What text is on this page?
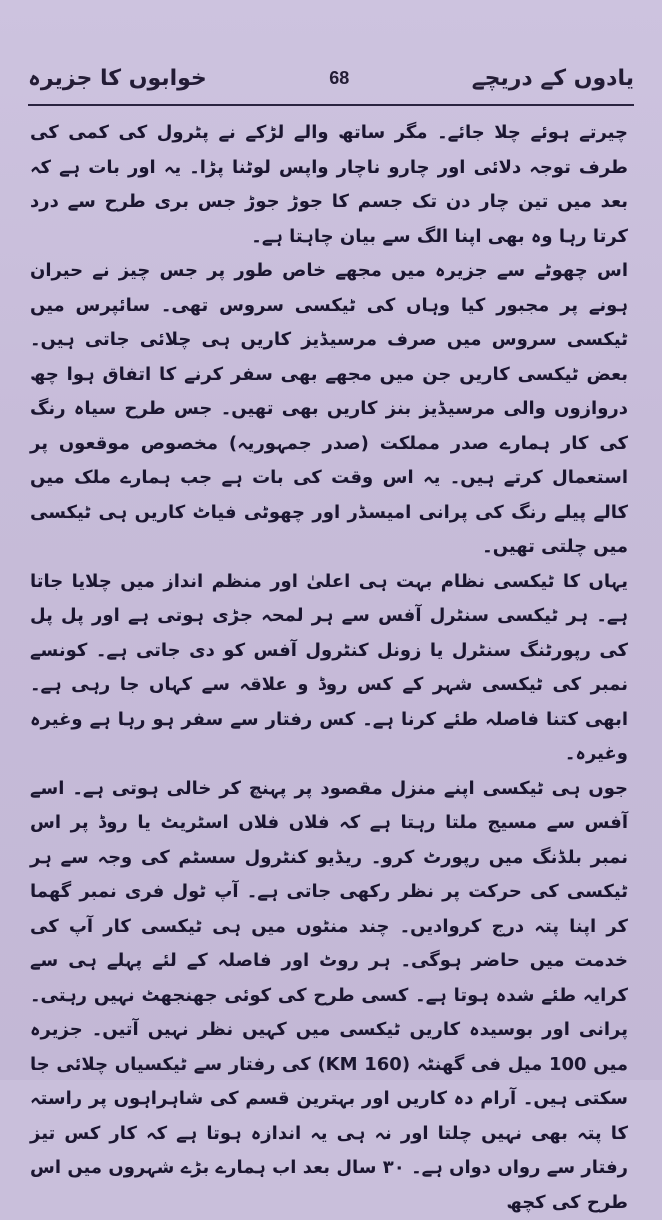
خوابوں کا جزیرہ	68	یادوں کے دریچے

چیرتے ہوئے چلا جائے۔ مگر ساتھ والے لڑکے نے پٹرول کی کمی کی طرف توجہ دلائی اور چارو ناچار واپس لوٹنا پڑا۔ یہ اور بات ہے کہ بعد میں تین چار دن تک جسم کا جوڑ جوڑ جس بری طرح سے درد کرتا رہا وہ بھی اپنا الگ سے بیان چاہتا ہے۔

اس چھوٹے سے جزیرہ میں مجھے خاص طور پر جس چیز نے حیران ہونے پر مجبور کیا وہاں کی ٹیکسی سروس تھی۔ سائپرس میں ٹیکسی سروس میں صرف مرسیڈیز کاریں ہی چلائی جاتی ہیں۔ بعض ٹیکسی کاریں جن میں مجھے بھی سفر کرنے کا اتفاق ہوا چھ دروازوں والی مرسیڈیز بنز کاریں بھی تھیں۔ جس طرح سیاہ رنگ کی کار ہمارے صدر مملکت (صدر جمہوریہ) مخصوص موقعوں پر استعمال کرتے ہیں۔ یہ اس وقت کی بات ہے جب ہمارے ملک میں کالے پیلے رنگ کی پرانی امیسڈر اور چھوٹی فیاٹ کاریں ہی ٹیکسی میں چلتی تھیں۔

یہاں کا ٹیکسی نظام بہت ہی اعلیٰ اور منظم انداز میں چلایا جاتا ہے۔ ہر ٹیکسی سنٹرل آفس سے ہر لمحہ جڑی ہوتی ہے اور پل پل کی رپورٹنگ سنٹرل یا زونل کنٹرول آفس کو دی جاتی ہے۔ کونسے نمبر کی ٹیکسی شہر کے کس روڈ و علاقہ سے کہاں جا رہی ہے۔ ابھی کتنا فاصلہ طئے کرنا ہے۔ کس رفتار سے سفر ہو رہا ہے وغیرہ وغیرہ۔

جوں ہی ٹیکسی اپنے منزل مقصود پر پہنچ کر خالی ہوتی ہے۔ اسے آفس سے مسیج ملتا رہتا ہے کہ فلاں فلاں اسٹریٹ یا روڈ پر اس نمبر بلڈنگ میں رپورٹ کرو۔ ریڈیو کنٹرول سسٹم کی وجہ سے ہر ٹیکسی کی حرکت پر نظر رکھی جاتی ہے۔ آپ ٹول فری نمبر گھما کر اپنا پتہ درج کروادیں۔ چند منٹوں میں ہی ٹیکسی کار آپ کی خدمت میں حاضر ہوگی۔ ہر روٹ اور فاصلہ کے لئے پہلے ہی سے کرایہ طئے شدہ ہوتا ہے۔ کسی طرح کی کوئی جھنجھٹ نہیں رہتی۔ پرانی اور بوسیدہ کاریں ٹیکسی میں کہیں نظر نہیں آتیں۔ جزیرہ میں 100 میل فی گھنٹہ (160 KM) کی رفتار سے ٹیکسیاں چلائی جا سکتی ہیں۔ آرام دہ کاریں اور بہترین قسم کی شاہراہوں پر راستہ کا پتہ بھی نہیں چلتا اور نہ ہی یہ اندازہ ہوتا ہے کہ کار کس تیز رفتار سے رواں دواں ہے۔ ۳۰ سال بعد اب ہمارے بڑے شہروں میں اس طرح کی کچھ
